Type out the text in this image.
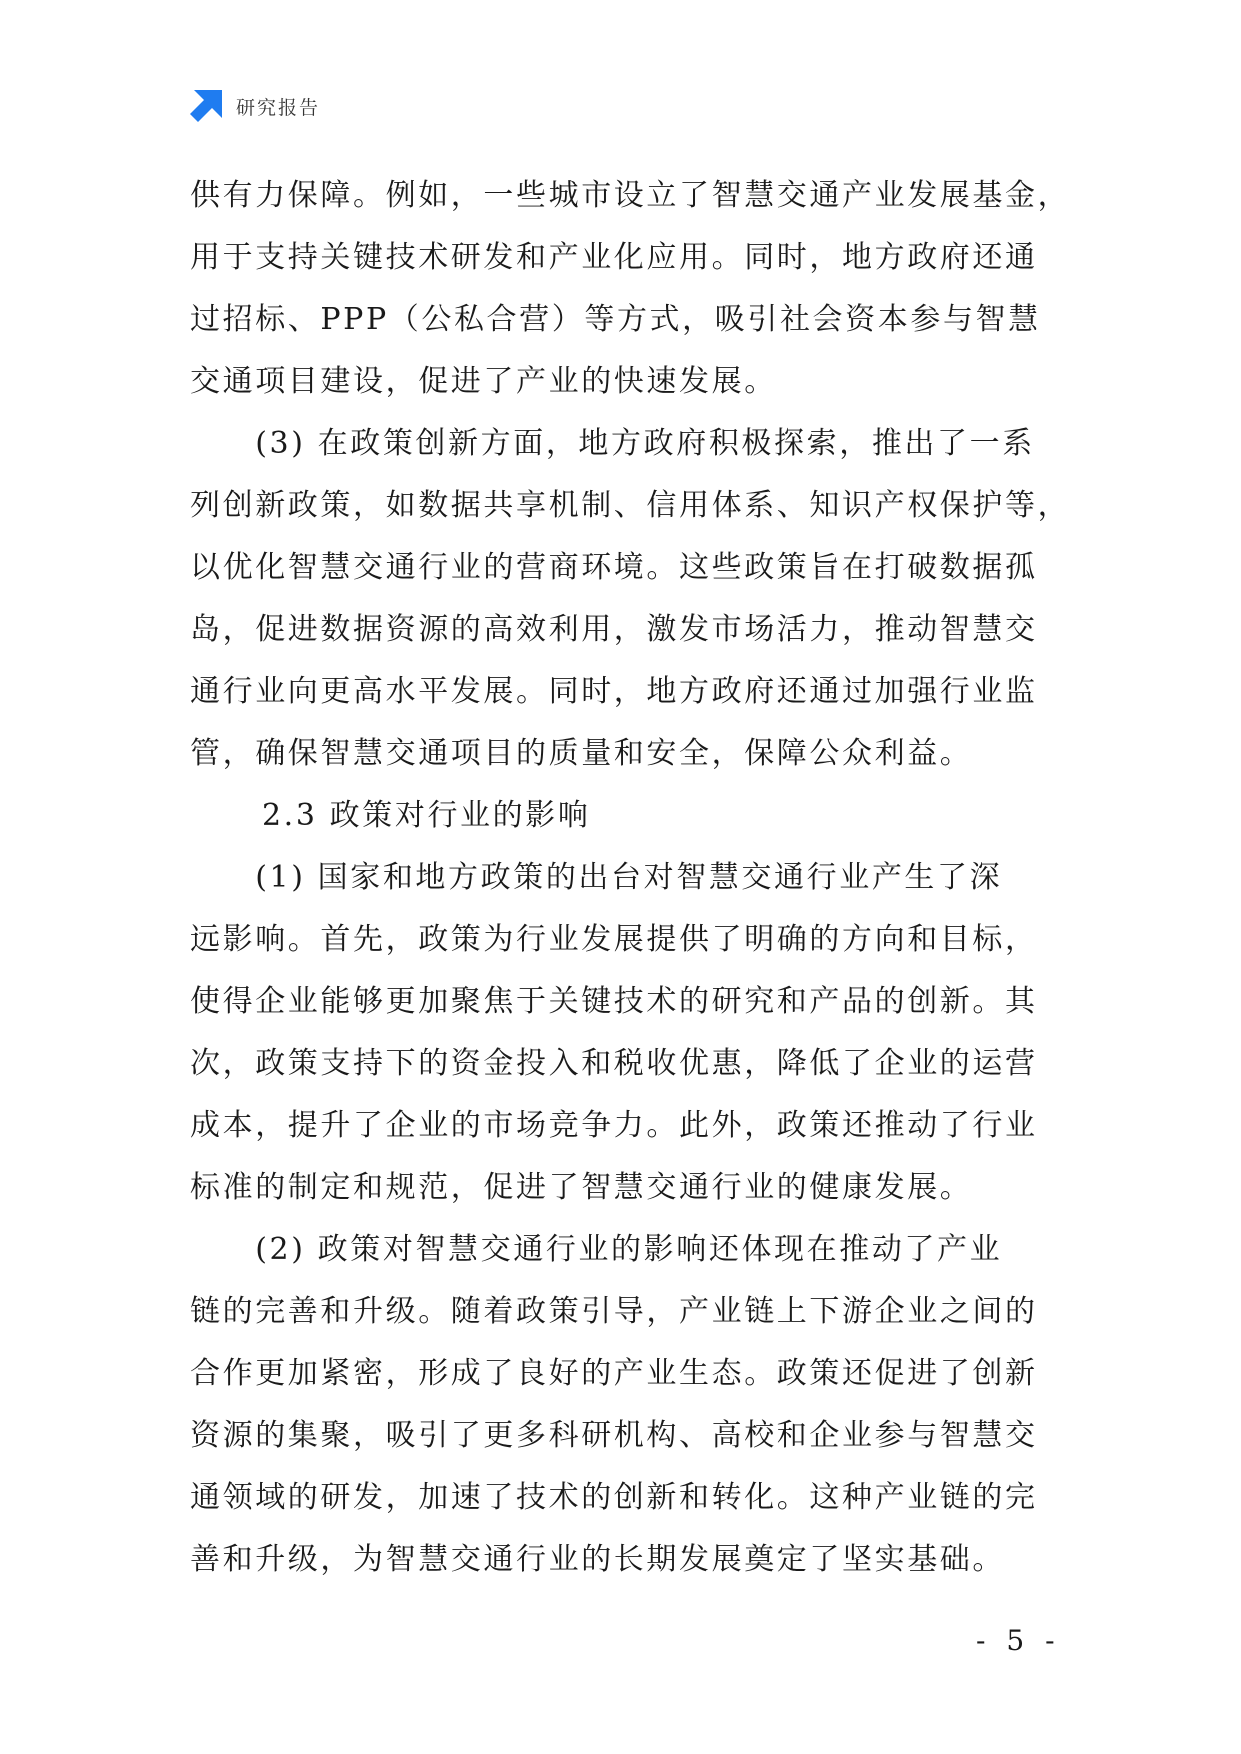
研究报告
供有力保障。例如，一些城市设立了智慧交通产业发展基金，
用于支持关键技术研发和产业化应用。同时，地方政府还通
过招标、PPP（公私合营）等方式，吸引社会资本参与智慧
交通项目建设，促进了产业的快速发展。
　　(3) 在政策创新方面，地方政府积极探索，推出了一系
列创新政策，如数据共享机制、信用体系、知识产权保护等，
以优化智慧交通行业的营商环境。这些政策旨在打破数据孤
岛，促进数据资源的高效利用，激发市场活力，推动智慧交
通行业向更高水平发展。同时，地方政府还通过加强行业监
管，确保智慧交通项目的质量和安全，保障公众利益。
2.3 政策对行业的影响
　　(1) 国家和地方政策的出台对智慧交通行业产生了深
远影响。首先，政策为行业发展提供了明确的方向和目标，
使得企业能够更加聚焦于关键技术的研究和产品的创新。其
次，政策支持下的资金投入和税收优惠，降低了企业的运营
成本，提升了企业的市场竞争力。此外，政策还推动了行业
标准的制定和规范，促进了智慧交通行业的健康发展。
　　(2) 政策对智慧交通行业的影响还体现在推动了产业
链的完善和升级。随着政策引导，产业链上下游企业之间的
合作更加紧密，形成了良好的产业生态。政策还促进了创新
资源的集聚，吸引了更多科研机构、高校和企业参与智慧交
通领域的研发，加速了技术的创新和转化。这种产业链的完
善和升级，为智慧交通行业的长期发展奠定了坚实基础。
- 5 -
